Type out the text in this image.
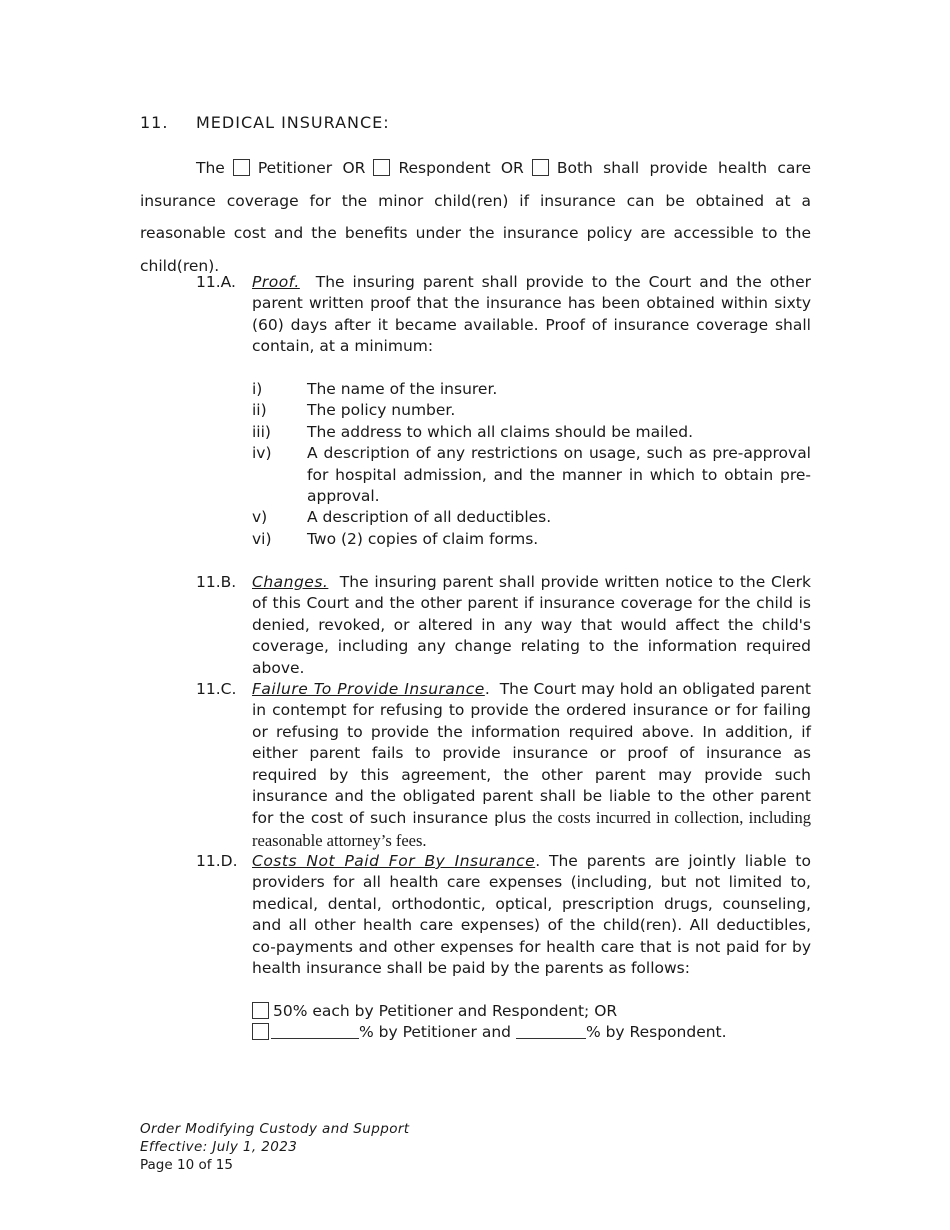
11. MEDICAL INSURANCE:

The Petitioner OR Respondent OR Both shall provide health care insurance coverage for the minor child(ren) if insurance can be obtained at a reasonable cost and the benefits under the insurance policy are accessible to the child(ren).

11.A. Proof. The insuring parent shall provide to the Court and the other parent written proof that the insurance has been obtained within sixty (60) days after it became available. Proof of insurance coverage shall contain, at a minimum:
i)	The name of the insurer.
ii)	The policy number.
iii) The address to which all claims should be mailed.
iv) A description of any restrictions on usage, such as pre-approval for hospital admission, and the manner in which to obtain pre-approval.
v)	A description of all deductibles.
vi) Two (2) copies of claim forms.
11.B. Changes. The insuring parent shall provide written notice to the Clerk of this Court and the other parent if insurance coverage for the child is denied, revoked, or altered in any way that would affect the child's coverage, including any change relating to the information required above.
11.C. Failure To Provide Insurance.  The Court may hold an obligated parent in contempt for refusing to provide the ordered insurance or for failing or refusing to provide the information required above. In addition, if either parent fails to provide insurance or proof of insurance as required by this agreement, the other parent may provide such insurance and the obligated parent shall be liable to the other parent for the cost of such insurance plus the costs incurred in collection, including reasonable attorney’s fees.
11.D. Costs Not Paid For By Insurance. The parents are jointly liable to providers for all health care expenses (including, but not limited to, medical, dental, orthodontic, optical, prescription drugs, counseling, and all other health care expenses) of the child(ren). All deductibles, co-payments and other expenses for health care that is not paid for by health insurance shall be paid by the parents as follows:
50% each by Petitioner and Respondent; OR
% by Petitioner and	% by Respondent.
Order Modifying Custody and Support
Effective: July 1, 2023
Page 10 of 15
